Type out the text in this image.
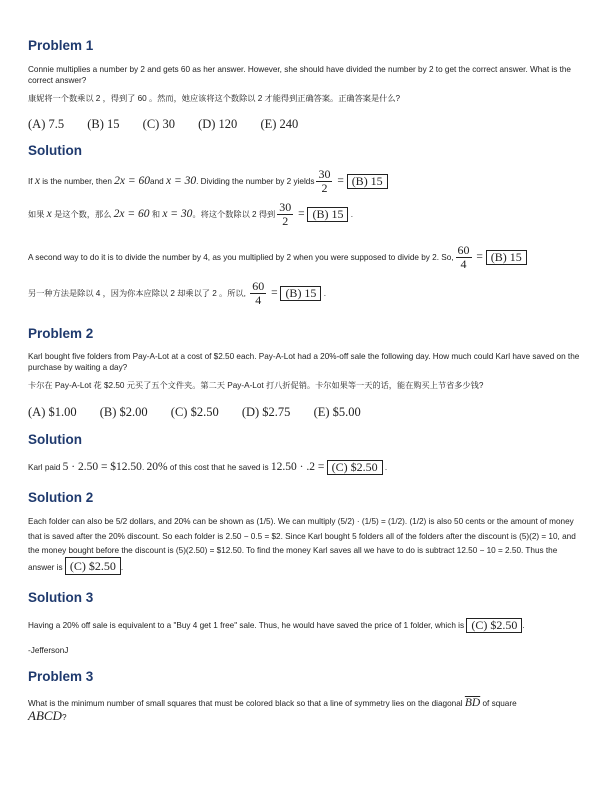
Problem 1

Connie multiplies a number by 2 and gets 60 as her answer. However, she should have divided the number by 2 to get the correct answer. What is the correct answer?

康妮将一个数乘以 2 ，得到了 60 。然而，她应该将这个数除以 2 才能得到正确答案。正确答案是什么?

(A) 7.5 (B) 15 (C) 30 (D) 120 (E) 240
Solution
If
x
is the number, then
2x = 60 and
x = 30 . Dividing the number by 2 yields $\frac{30}{2} = (B)$ 15
如果
x
是这个数，那么
2x = 60
和
x = 30 。将这个数除以 2 得到 $\frac{30}{2} = (B)$ 15 .
A second way to do it is to divide the number by 4, as you multiplied by 2 when you were supposed to divide by 2. So, $\frac{60}{4} = (B)$ 15
另一种方法是除以 4 ，因为你本应除以 2 却乘以了 2 。所以,
$\frac{60}{4} = (B)$ 15 .
Problem 2

Karl bought five folders from Pay-A-Lot at a cost of $2.50 each. Pay-A-Lot had a 20%-off sale the following day. How much could Karl have saved on the purchase by waiting a day?

卡尔在 Pay-A-Lot 花 $2.50 元买了五个文件夹。第二天 Pay-A-Lot 打八折促销。卡尔如果等一天的话，能在购买上节省多少钱?

(A) $1.00 (B) $2.00 (C) $2.50 (D) $2.75 (E) $5.00
Solution
Karl paid
5 · 2.50 = $12.50 . 20%
of this cost that he saved is
12.50 · .2 =
(C) $2.50 .
Solution 2
Each folder can also be 5/2 dollars, and 20% can be shown as (1/5). We can multiply (5/2) · (1/5) = (1/2). (1/2) is also 50 cents or the amount of money that is saved after the 20% discount. So each folder is 2.50 − 0.5 = $2. Since Karl bought 5 folders all of the folders after the discount is (5)(2) = 10, and the money bought before the discount is (5)(2.50) = $12.50. To find the money Karl saves all we have to do is subtract 12.50 − 10 = 2.50. Thus the answer is (C) $2.50 .
Solution 3
Having a 20% off sale is equivalent to a "Buy 4 get 1 free" sale. Thus, he would have saved the price of 1 folder, which is
(C) $2.50 .

-JeffersonJ

Problem 3
What is the minimum number of small squares that must be colored black so that a line of symmetry lies on the diagonal $\overline{BD}$ of square
ABCD?
